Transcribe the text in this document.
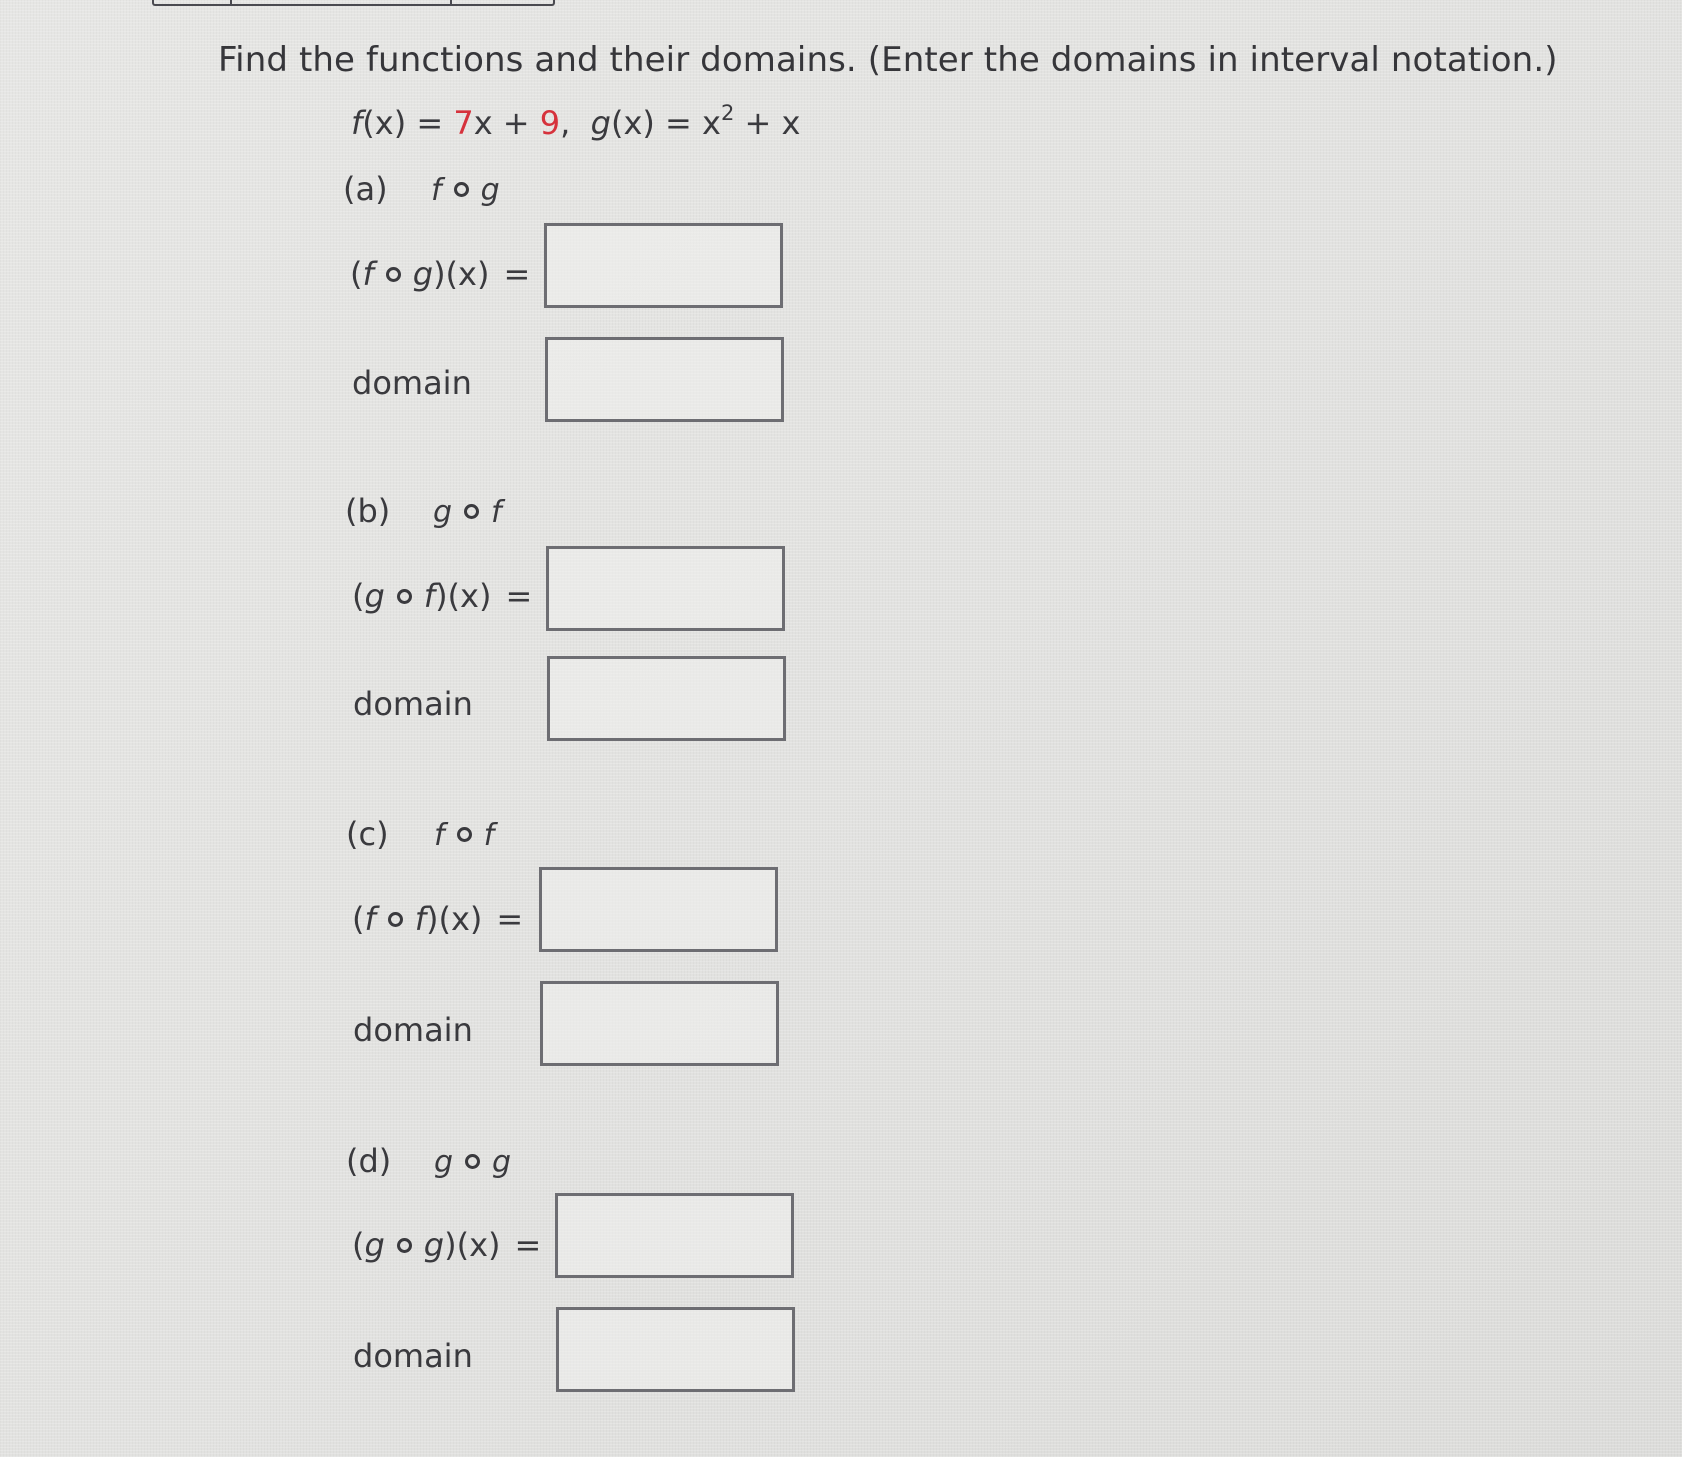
Find the functions and their domains. (Enter the domains in interval notation.)
f(x) = 7x + 9, $g(x) = x^2 + x$
(a) f g
(f g)(x) =
domain
(b) g f
(g f)(x) =
domain
(c) f f
(f f)(x) =
domain
(d) g g
(g g)(x) =
domain
